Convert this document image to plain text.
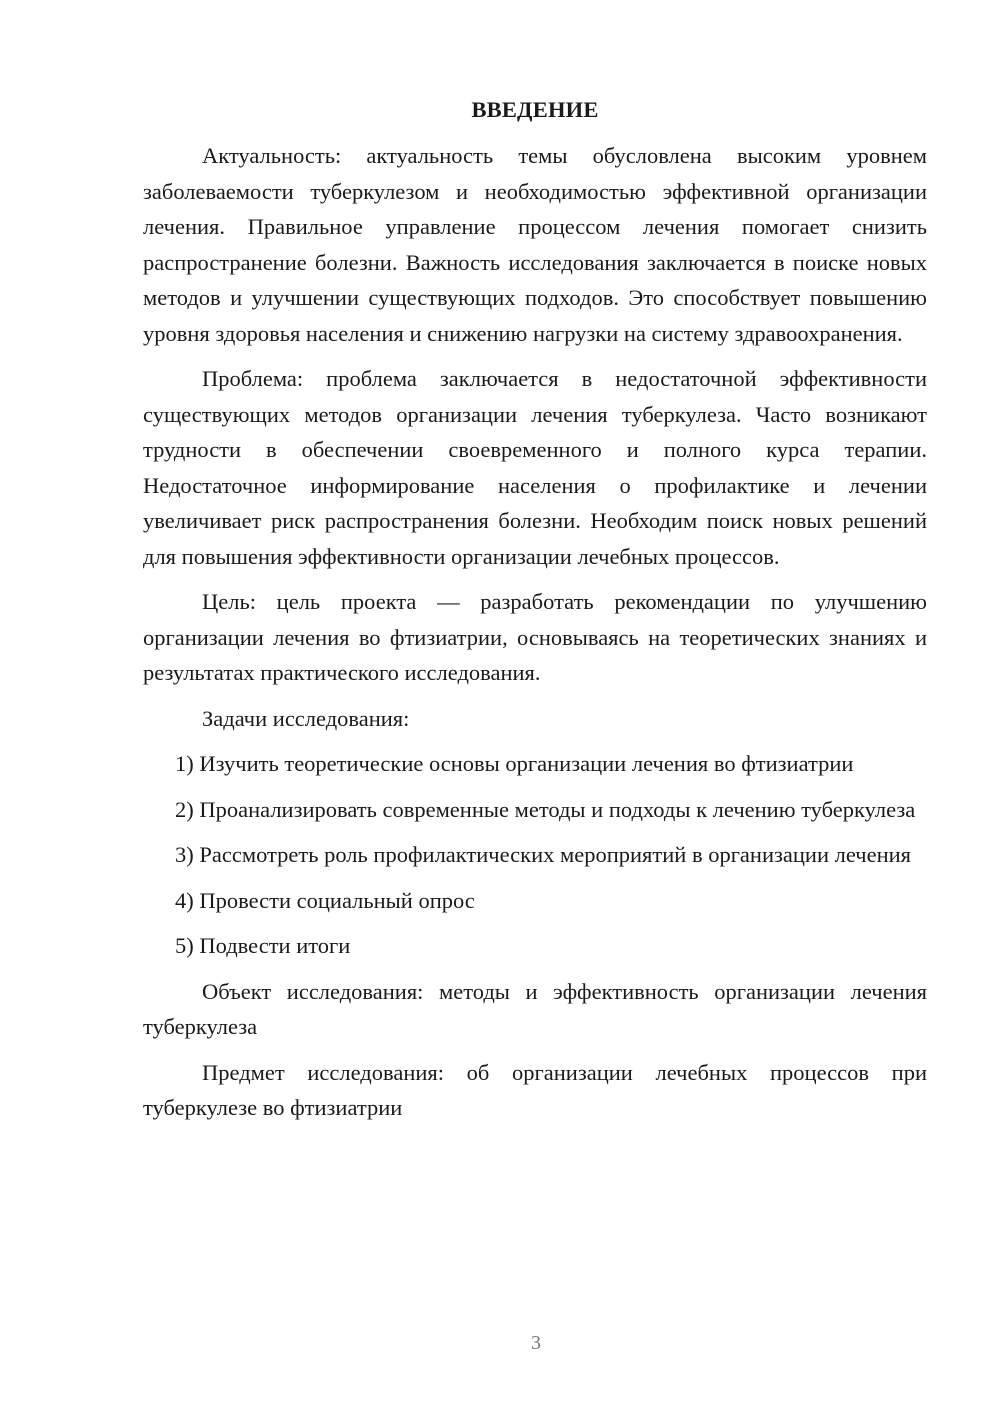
ВВЕДЕНИЕ

Актуальность: актуальность темы обусловлена высоким уровнем заболеваемости туберкулезом и необходимостью эффективной организации лечения. Правильное управление процессом лечения помогает снизить распространение болезни. Важность исследования заключается в поиске новых методов и улучшении существующих подходов. Это способствует повышению уровня здоровья населения и снижению нагрузки на систему здравоохранения.

Проблема: проблема заключается в недостаточной эффективности существующих методов организации лечения туберкулеза. Часто возникают трудности в обеспечении своевременного и полного курса терапии. Недостаточное информирование населения о профилактике и лечении увеличивает риск распространения болезни. Необходим поиск новых решений для повышения эффективности организации лечебных процессов.

Цель: цель проекта — разработать рекомендации по улучшению организации лечения во фтизиатрии, основываясь на теоретических знаниях и результатах практического исследования.

Задачи исследования:

1) Изучить теоретические основы организации лечения во фтизиатрии

2) Проанализировать современные методы и подходы к лечению туберкулеза

3) Рассмотреть роль профилактических мероприятий в организации лечения

4) Провести социальный опрос

5) Подвести итоги

Объект исследования: методы и эффективность организации лечения туберкулеза

Предмет исследования: об организации лечебных процессов при туберкулезе во фтизиатрии

3
